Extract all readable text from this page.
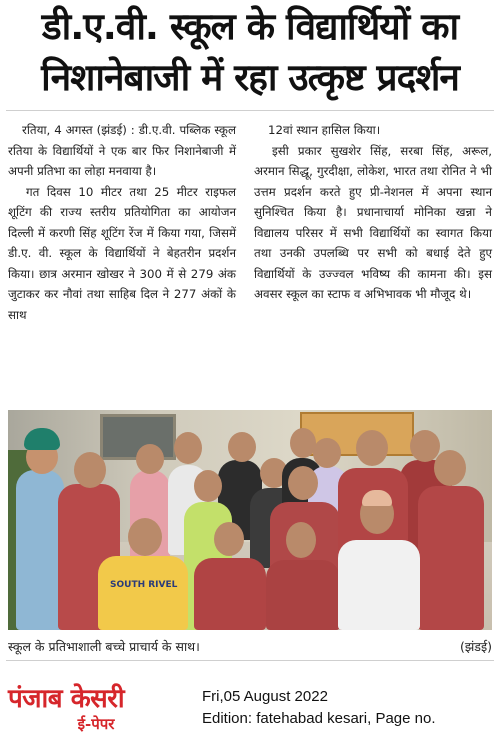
डी.ए.वी. स्कूल के विद्यार्थियों का
निशानेबाजी में रहा उत्कृष्ट प्रदर्शन

रतिया, 4 अगस्त (झंडई) : डी.ए.वी. पब्लिक स्कूल रतिया के विद्यार्थियों ने एक बार फिर निशानेबाजी में अपनी प्रतिभा का लोहा मनवाया है।

गत दिवस 10 मीटर तथा 25 मीटर राइफल शूटिंग की राज्य स्तरीय प्रतियोगिता का आयोजन दिल्ली में करणी सिंह शूटिंग रेंज में किया गया, जिसमें डी.ए. वी. स्कूल के विद्यार्थियों ने बेहतरीन प्रदर्शन किया। छात्र अरमान खोखर ने 300 में से 279 अंक जुटाकर कर नौवां तथा साहिब दिल ने 277 अंकों के साथ

12वां स्थान हासिल किया।

इसी प्रकार सुखशेर सिंह, सरबा सिंह, अरूल, अरमान सिद्धू, गुरदीक्षा, लोकेश, भारत तथा रोनित ने भी उत्तम प्रदर्शन करते हुए प्री-नेशनल में अपना स्थान सुनिश्चित किया है। प्रधानाचार्या मोनिका खन्ना ने विद्यालय परिसर में सभी विद्यार्थियों का स्वागत किया तथा उनकी उपलब्धि पर सभी को बधाई देते हुए विद्यार्थियों के उज्ज्वल भविष्य की कामना की। इस अवसर स्कूल का स्टाफ व अभिभावक भी मौजूद थे।

SOUTH RIVEL
स्कूल के प्रतिभाशाली बच्चे प्राचार्य के साथ।	(झंडई)
पंजाब केसरी
ई-पेपर
Fri,05 August 2022
Edition: fatehabad kesari, Page no.
